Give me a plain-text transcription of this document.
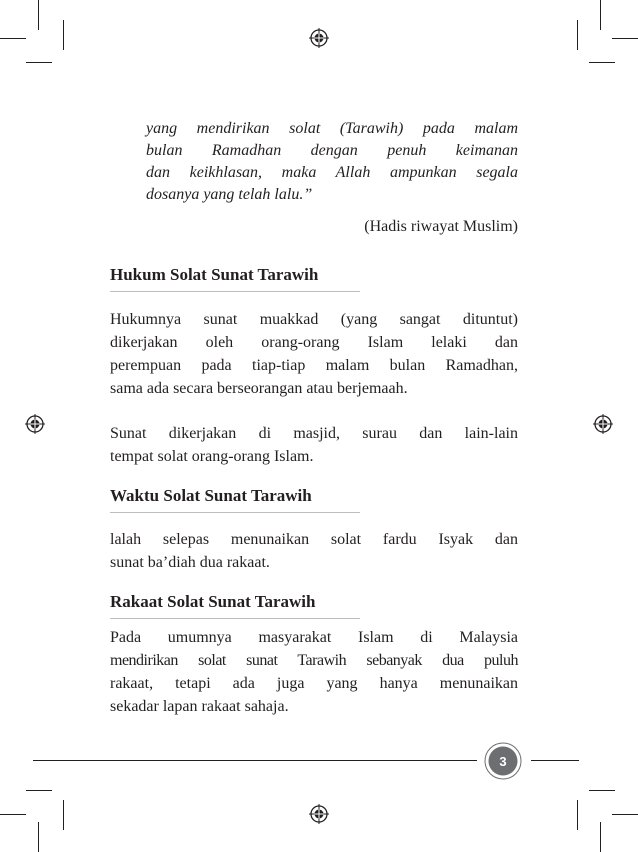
yang mendirikan solat (Tarawih) pada malam
bulan Ramadhan dengan penuh keimanan
dan keikhlasan, maka Allah ampunkan segala
dosanya yang telah lalu.”
(Hadis riwayat Muslim)
Hukum Solat Sunat Tarawih
Hukumnya sunat muakkad (yang sangat dituntut)
dikerjakan oleh orang-orang Islam lelaki dan
perempuan pada tiap-tiap malam bulan Ramadhan,
sama ada secara berseorangan atau berjemaah.
Sunat dikerjakan di masjid, surau dan lain-lain
tempat solat orang-orang Islam.
Waktu Solat Sunat Tarawih
lalah selepas menunaikan solat fardu Isyak dan
sunat ba’diah dua rakaat.
Rakaat Solat Sunat Tarawih
Pada umumnya masyarakat Islam di Malaysia
mendirikan solat sunat Tarawih sebanyak dua puluh
rakaat, tetapi ada juga yang hanya menunaikan
sekadar lapan rakaat sahaja.
3
